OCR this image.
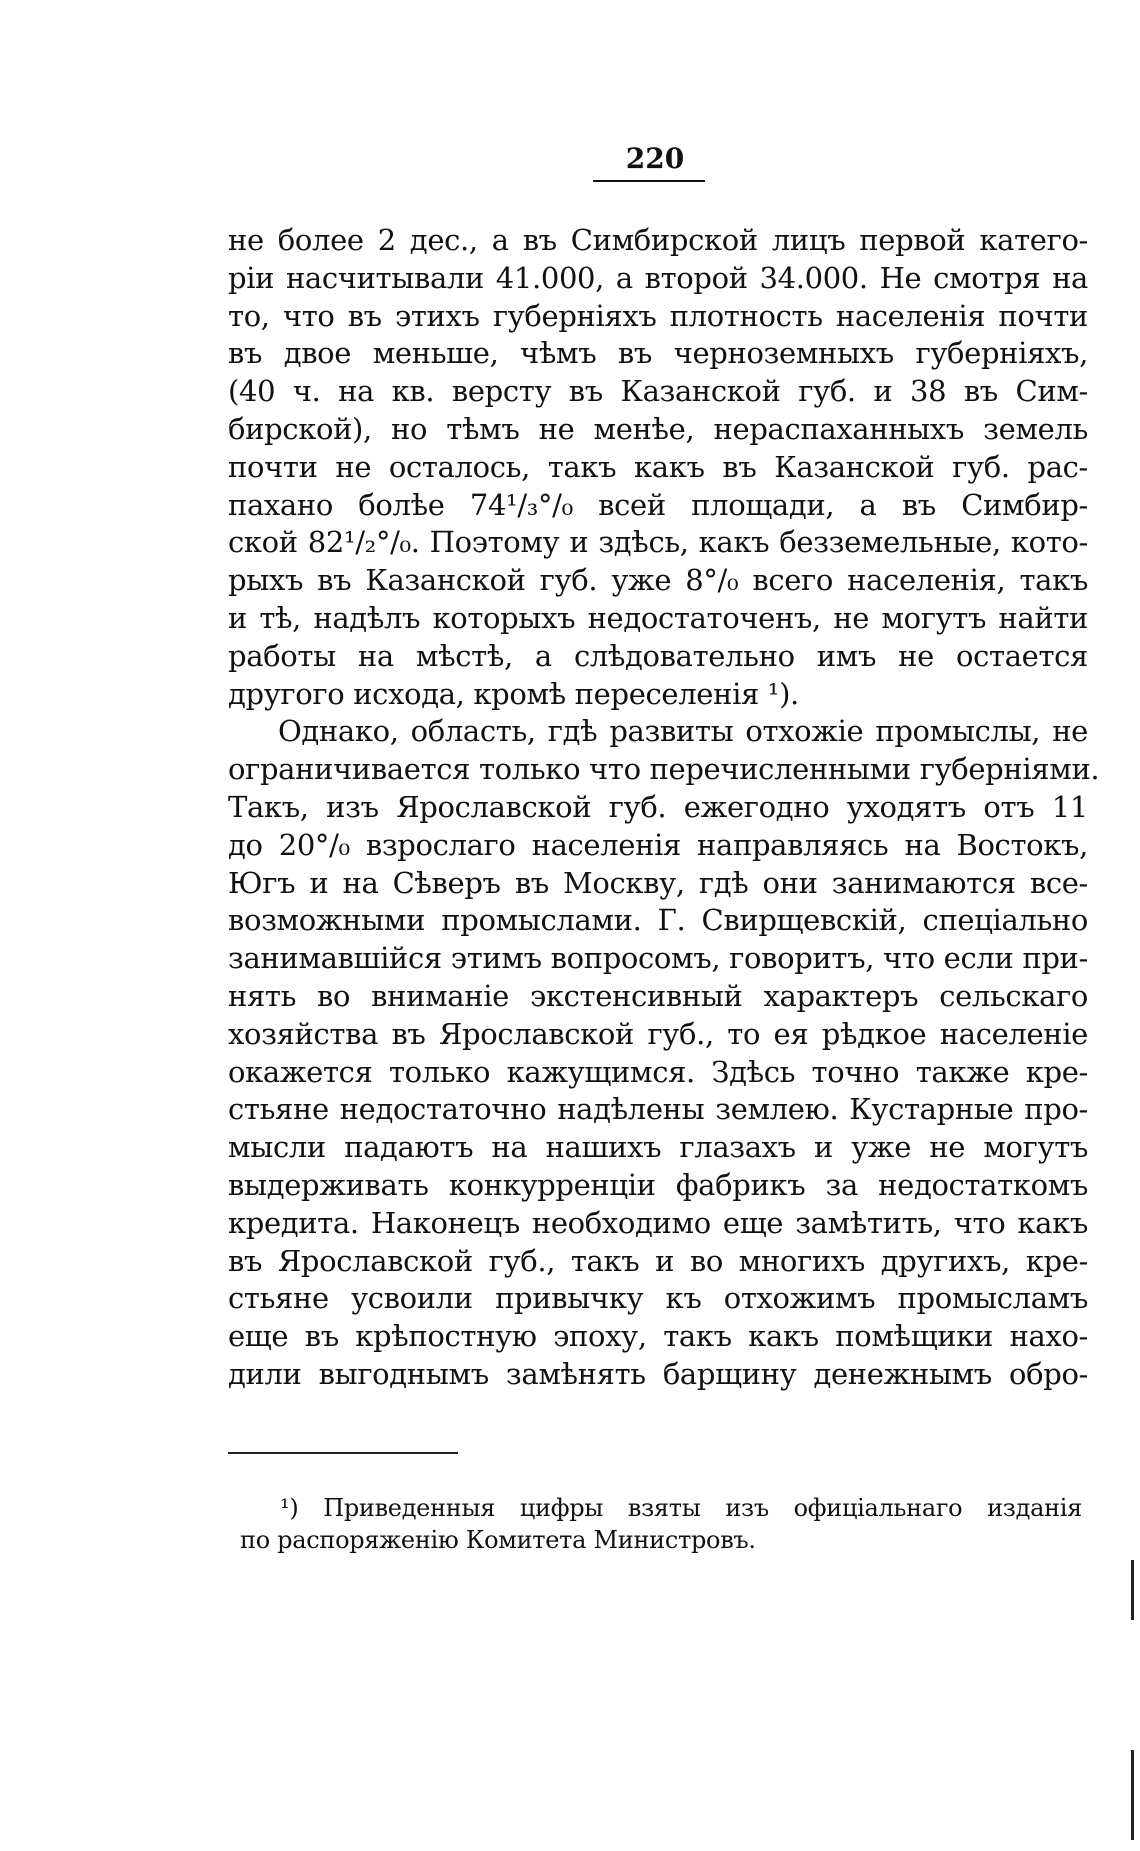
220
не более 2 дес., а въ Симбирской лицъ первой катего-
рiи насчитывали 41.000, а второй 34.000. Не смотря на
то, что въ этихъ губернiяхъ плотность населенiя почти
въ двое меньше, чѣмъ въ черноземныхъ губернiяхъ,
(40 ч. на кв. версту въ Казанской губ. и 38 въ Сим-
бирской), но тѣмъ не менѣе, нераспаханныхъ земель
почти не осталось, такъ какъ въ Казанской губ. рас-
пахано болѣе 74¹/₃°/₀ всей площади, а въ Симбир-
ской 82¹/₂°/₀. Поэтому и здѣсь, какъ безземельные, кото-
рыхъ въ Казанской губ. уже 8°/₀ всего населенiя, такъ
и тѣ, надѣлъ которыхъ недостаточенъ, не могутъ найти
работы на мѣстѣ, а слѣдовательно имъ не остается
другого исхода, кромѣ переселенiя ¹).
Однако, область, гдѣ развиты отхожiе промыслы, не
ограничивается только что перечисленными губернiями.
Такъ, изъ Ярославской губ. ежегодно уходятъ отъ 11
до 20°/₀ взрослаго населенiя направляясь на Востокъ,
Югъ и на Сѣверъ въ Москву, гдѣ они занимаются все-
возможными промыслами. Г. Свирщевскiй, спецiально
занимавшiйся этимъ вопросомъ, говоритъ, что если при-
нять во вниманiе экстенсивный характеръ сельскаго
хозяйства въ Ярославской губ., то ея рѣдкое населенiе
окажется только кажущимся. Здѣсь точно также кре-
стьяне недостаточно надѣлены землею. Кустарные про-
мысли падаютъ на нашихъ глазахъ и уже не могутъ
выдерживать конкурренцiи фабрикъ за недостаткомъ
кредита. Наконецъ необходимо еще замѣтить, что какъ
въ Ярославской губ., такъ и во многихъ другихъ, кре-
стьяне усвоили привычку къ отхожимъ промысламъ
еще въ крѣпостную эпоху, такъ какъ помѣщики нахо-
дили выгоднымъ замѣнять барщину денежнымъ обро-
¹) Приведенныя цифры взяты изъ офицiальнаго изданiя
по распоряженiю Комитета Министровъ.
